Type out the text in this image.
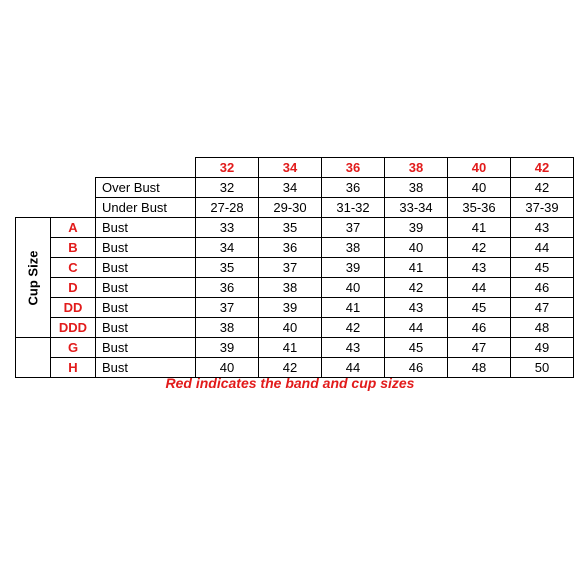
			32	34	36	38	40	42
		Over Bust	32	34	36	38	40	42
		Under Bust	27-28	29-30	31-32	33-34	35-36	37-39

Cup Size	A	Bust	33	35	37	39	41	43
	B	Bust	34	36	38	40	42	44
	C	Bust	35	37	39	41	43	45
	D	Bust	36	38	40	42	44	46
	DD	Bust	37	39	41	43	45	47
	DDD	Bust	38	40	42	44	46	48
	G	Bust	39	41	43	45	47	49
	H	Bust	40	42	44	46	48	50
Red indicates the band and cup sizes
